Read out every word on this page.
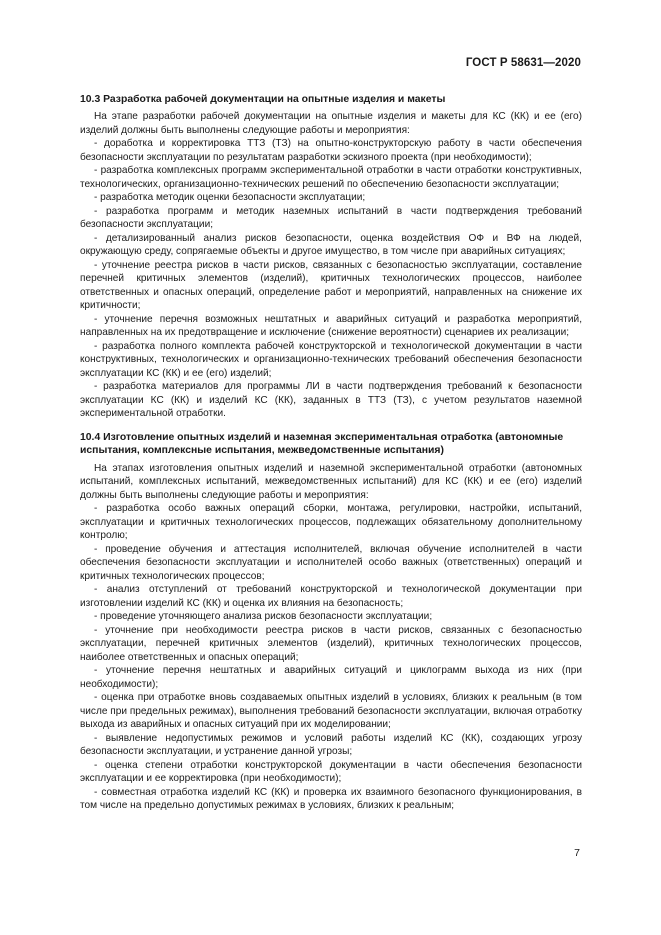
ГОСТ Р 58631—2020
10.3 Разработка рабочей документации на опытные изделия и макеты

На этапе разработки рабочей документации на опытные изделия и макеты для КС (КК) и ее (его) изделий должны быть выполнены следующие работы и мероприятия:

- доработка и корректировка ТТЗ (ТЗ) на опытно-конструкторскую работу в части обеспечения безопасности эксплуатации по результатам разработки эскизного проекта (при необходимости);

- разработка комплексных программ экспериментальной отработки в части отработки конструктивных, технологических, организационно-технических решений по обеспечению безопасности эксплуатации;

- разработка методик оценки безопасности эксплуатации;

- разработка программ и методик наземных испытаний в части подтверждения требований безопасности эксплуатации;

- детализированный анализ рисков безопасности, оценка воздействия ОФ и ВФ на людей, окружающую среду, сопрягаемые объекты и другое имущество, в том числе при аварийных ситуациях;

- уточнение реестра рисков в части рисков, связанных с безопасностью эксплуатации, составление перечней критичных элементов (изделий), критичных технологических процессов, наиболее ответственных и опасных операций, определение работ и мероприятий, направленных на снижение их критичности;

- уточнение перечня возможных нештатных и аварийных ситуаций и разработка мероприятий, направленных на их предотвращение и исключение (снижение вероятности) сценариев их реализации;

- разработка полного комплекта рабочей конструкторской и технологической документации в части конструктивных, технологических и организационно-технических требований обеспечения безопасности эксплуатации КС (КК) и ее (его) изделий;

- разработка материалов для программы ЛИ в части подтверждения требований к безопасности эксплуатации КС (КК) и изделий КС (КК), заданных в ТТЗ (ТЗ), с учетом результатов наземной экспериментальной отработки.

10.4 Изготовление опытных изделий и наземная экспериментальная отработка (автономные испытания, комплексные испытания, межведомственные испытания)

На этапах изготовления опытных изделий и наземной экспериментальной отработки (автономных испытаний, комплексных испытаний, межведомственных испытаний) для КС (КК) и ее (его) изделий должны быть выполнены следующие работы и мероприятия:

- разработка особо важных операций сборки, монтажа, регулировки, настройки, испытаний, эксплуатации и критичных технологических процессов, подлежащих обязательному дополнительному контролю;

- проведение обучения и аттестация исполнителей, включая обучение исполнителей в части обеспечения безопасности эксплуатации и исполнителей особо важных (ответственных) операций и критичных технологических процессов;

- анализ отступлений от требований конструкторской и технологической документации при изготовлении изделий КС (КК) и оценка их влияния на безопасность;

- проведение уточняющего анализа рисков безопасности эксплуатации;

- уточнение при необходимости реестра рисков в части рисков, связанных с безопасностью эксплуатации, перечней критичных элементов (изделий), критичных технологических процессов, наиболее ответственных и опасных операций;

- уточнение перечня нештатных и аварийных ситуаций и циклограмм выхода из них (при необходимости);

- оценка при отработке вновь создаваемых опытных изделий в условиях, близких к реальным (в том числе при предельных режимах), выполнения требований безопасности эксплуатации, включая отработку выхода из аварийных и опасных ситуаций при их моделировании;

- выявление недопустимых режимов и условий работы изделий КС (КК), создающих угрозу безопасности эксплуатации, и устранение данной угрозы;

- оценка степени отработки конструкторской документации в части обеспечения безопасности эксплуатации и ее корректировка (при необходимости);

- совместная отработка изделий КС (КК) и проверка их взаимного безопасного функционирования, в том числе на предельно допустимых режимах в условиях, близких к реальным;

7
